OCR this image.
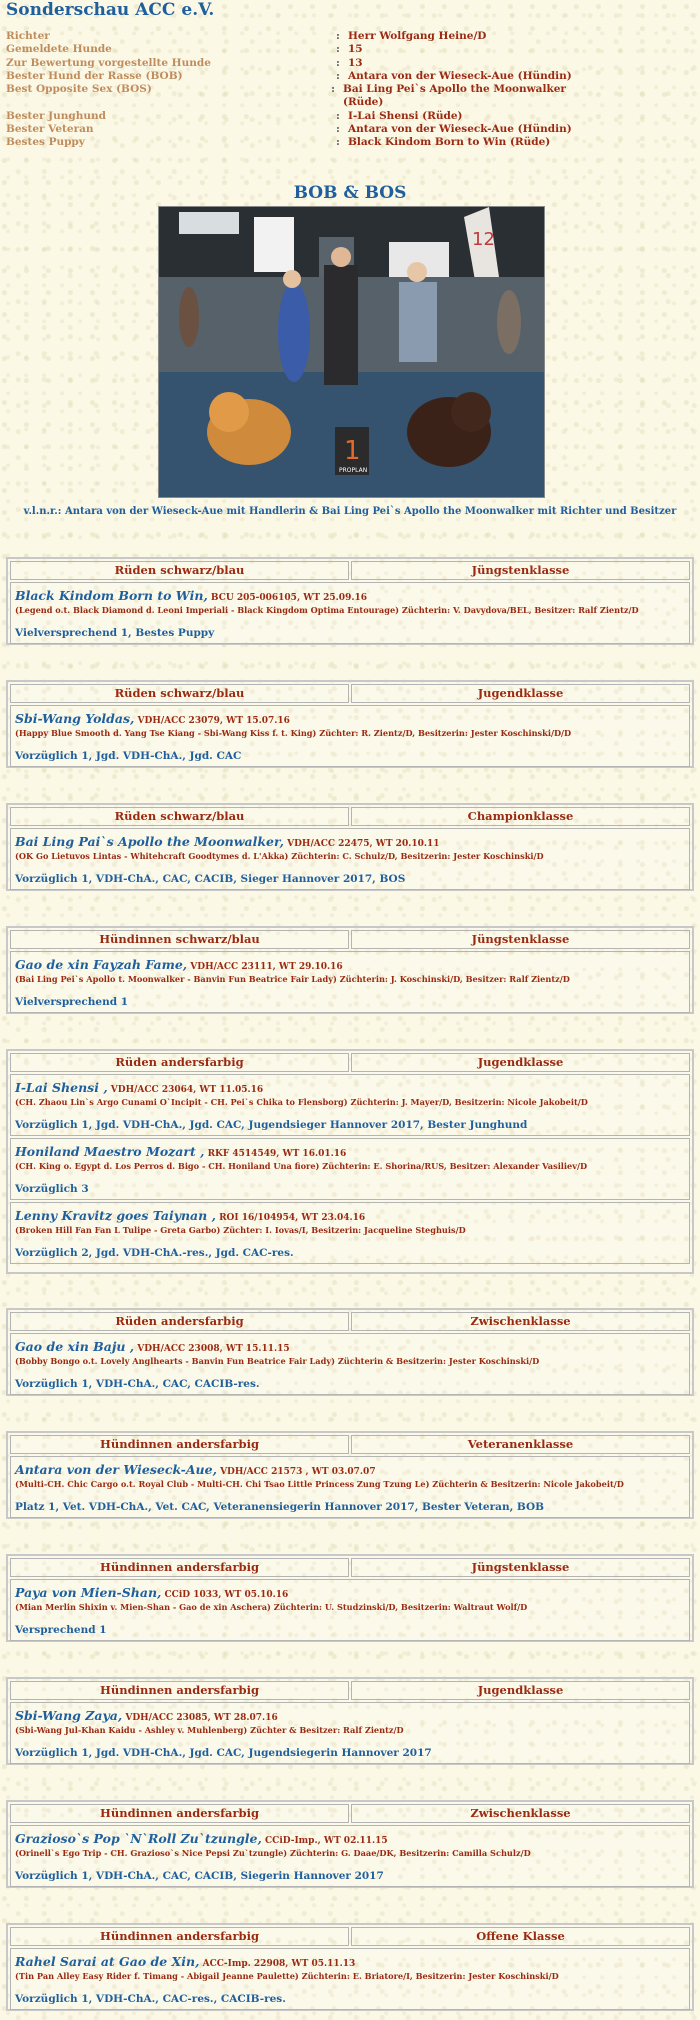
Sonderschau ACC e.V.
Richter	: Herr Wolfgang Heine/D
Gemeldete Hunde	: 15
Zur Bewertung vorgestellte Hunde	: 13
Bester Hund der Rasse (BOB)	: Antara von der Wieseck-Aue (Hündin)
Best Opposite Sex (BOS)	: Bai Ling Pei`s Apollo the Moonwalker (Rüde)
Bester Junghund	: I-Lai Shensi (Rüde)
Bester Veteran	: Antara von der Wieseck-Aue (Hündin)
Bestes Puppy	: Black Kindom Born to Win (Rüde)
BOB & BOS
12
1
PROPLAN
v.l.n.r.: Antara von der Wieseck-Aue mit Handlerin & Bai Ling Pei`s Apollo the Moonwalker mit Richter und Besitzer
Rüden schwarz/blau	Jüngstenklasse
Black Kindom Born to Win, BCU 205-006105, WT 25.09.16
(Legend o.t. Black Diamond d. Leoni Imperiali - Black Kingdom Optima Entourage) Züchterin: V. Davydova/BEL, Besitzer: Ralf Zientz/D
Vielversprechend 1, Bestes Puppy
Rüden schwarz/blau	Jugendklasse
Sbi-Wang Yoldas, VDH/ACC 23079, WT 15.07.16
(Happy Blue Smooth d. Yang Tse Kiang - Sbi-Wang Kiss f. t. King) Züchter: R. Zientz/D, Besitzerin: Jester Koschinski/D/D
Vorzüglich 1, Jgd. VDH-ChA., Jgd. CAC
Rüden schwarz/blau	Championklasse
Bai Ling Pai`s Apollo the Moonwalker, VDH/ACC 22475, WT 20.10.11
(OK Go Lietuvos Lintas - Whitehcraft Goodtymes d. L'Akka) Züchterin: C. Schulz/D, Besitzerin: Jester Koschinski/D
Vorzüglich 1, VDH-ChA., CAC, CACIB, Sieger Hannover 2017, BOS
Hündinnen schwarz/blau	Jüngstenklasse
Gao de xin Fayzah Fame, VDH/ACC 23111, WT 29.10.16
(Bai Ling Pei`s Apollo t. Moonwalker - Banvin Fun Beatrice Fair Lady) Züchterin: J. Koschinski/D, Besitzer: Ralf Zientz/D
Vielversprechend 1
Rüden andersfarbig	Jugendklasse
I-Lai Shensi , VDH/ACC 23064, WT 11.05.16
(CH. Zhaou Lin`s Argo Cunami O`Incipit - CH. Pei`s Chika to Flensborg) Züchterin: J. Mayer/D, Besitzerin: Nicole Jakobeit/D
Vorzüglich 1, Jgd. VDH-ChA., Jgd. CAC, Jugendsieger Hannover 2017, Bester Junghund
Honiland Maestro Mozart , RKF 4514549, WT 16.01.16
(CH. King o. Egypt d. Los Perros d. Bigo - CH. Honiland Una fiore) Züchterin: E. Shorina/RUS, Besitzer: Alexander Vasiliev/D
Vorzüglich 3
Lenny Kravitz goes Taiynan , ROI 16/104954, WT 23.04.16
(Broken Hill Fan Fan L Tulipe - Greta Garbo) Züchter: I. Iovas/I, Besitzerin: Jacqueline Steghuis/D
Vorzüglich 2, Jgd. VDH-ChA.-res., Jgd. CAC-res.
Rüden andersfarbig	Zwischenklasse
Gao de xin Baju , VDH/ACC 23008, WT 15.11.15
(Bobby Bongo o.t. Lovely Anglhearts - Banvin Fun Beatrice Fair Lady) Züchterin & Besitzerin: Jester Koschinski/D
Vorzüglich 1, VDH-ChA., CAC, CACIB-res.
Hündinnen andersfarbig	Veteranenklasse
Antara von der Wieseck-Aue, VDH/ACC 21573 , WT 03.07.07
(Multi-CH. Chic Cargo o.t. Royal Club - Multi-CH. Chi Tsao Little Princess Zung Tzung Le) Züchterin & Besitzerin: Nicole Jakobeit/D
Platz 1, Vet. VDH-ChA., Vet. CAC, Veteranensiegerin Hannover 2017, Bester Veteran, BOB
Hündinnen andersfarbig	Jüngstenklasse
Paya von Mien-Shan, CCiD 1033, WT 05.10.16
(Mian Merlin Shixin v. Mien-Shan - Gao de xin Aschera) Züchterin: U. Studzinski/D, Besitzerin: Waltraut Wolf/D
Versprechend 1
Hündinnen andersfarbig	Jugendklasse
Sbi-Wang Zaya, VDH/ACC 23085, WT 28.07.16
(Sbi-Wang Jul-Khan Kaidu - Ashley v. Muhlenberg) Züchter & Besitzer: Ralf Zientz/D
Vorzüglich 1, Jgd. VDH-ChA., Jgd. CAC, Jugendsiegerin Hannover 2017
Hündinnen andersfarbig	Zwischenklasse
Grazioso`s Pop `N`Roll Zu`tzungle, CCiD-Imp., WT 02.11.15
(Orinell`s Ego Trip - CH. Grazioso`s Nice Pepsi Zu`tzungle) Züchterin: G. Daae/DK, Besitzerin: Camilla Schulz/D
Vorzüglich 1, VDH-ChA., CAC, CACIB, Siegerin Hannover 2017
Hündinnen andersfarbig	Offene Klasse
Rahel Sarai at Gao de Xin, ACC-Imp. 22908, WT 05.11.13
(Tin Pan Alley Easy Rider f. Timang - Abigail Jeanne Paulette) Züchterin: E. Briatore/I, Besitzerin: Jester Koschinski/D
Vorzüglich 1, VDH-ChA., CAC-res., CACIB-res.
